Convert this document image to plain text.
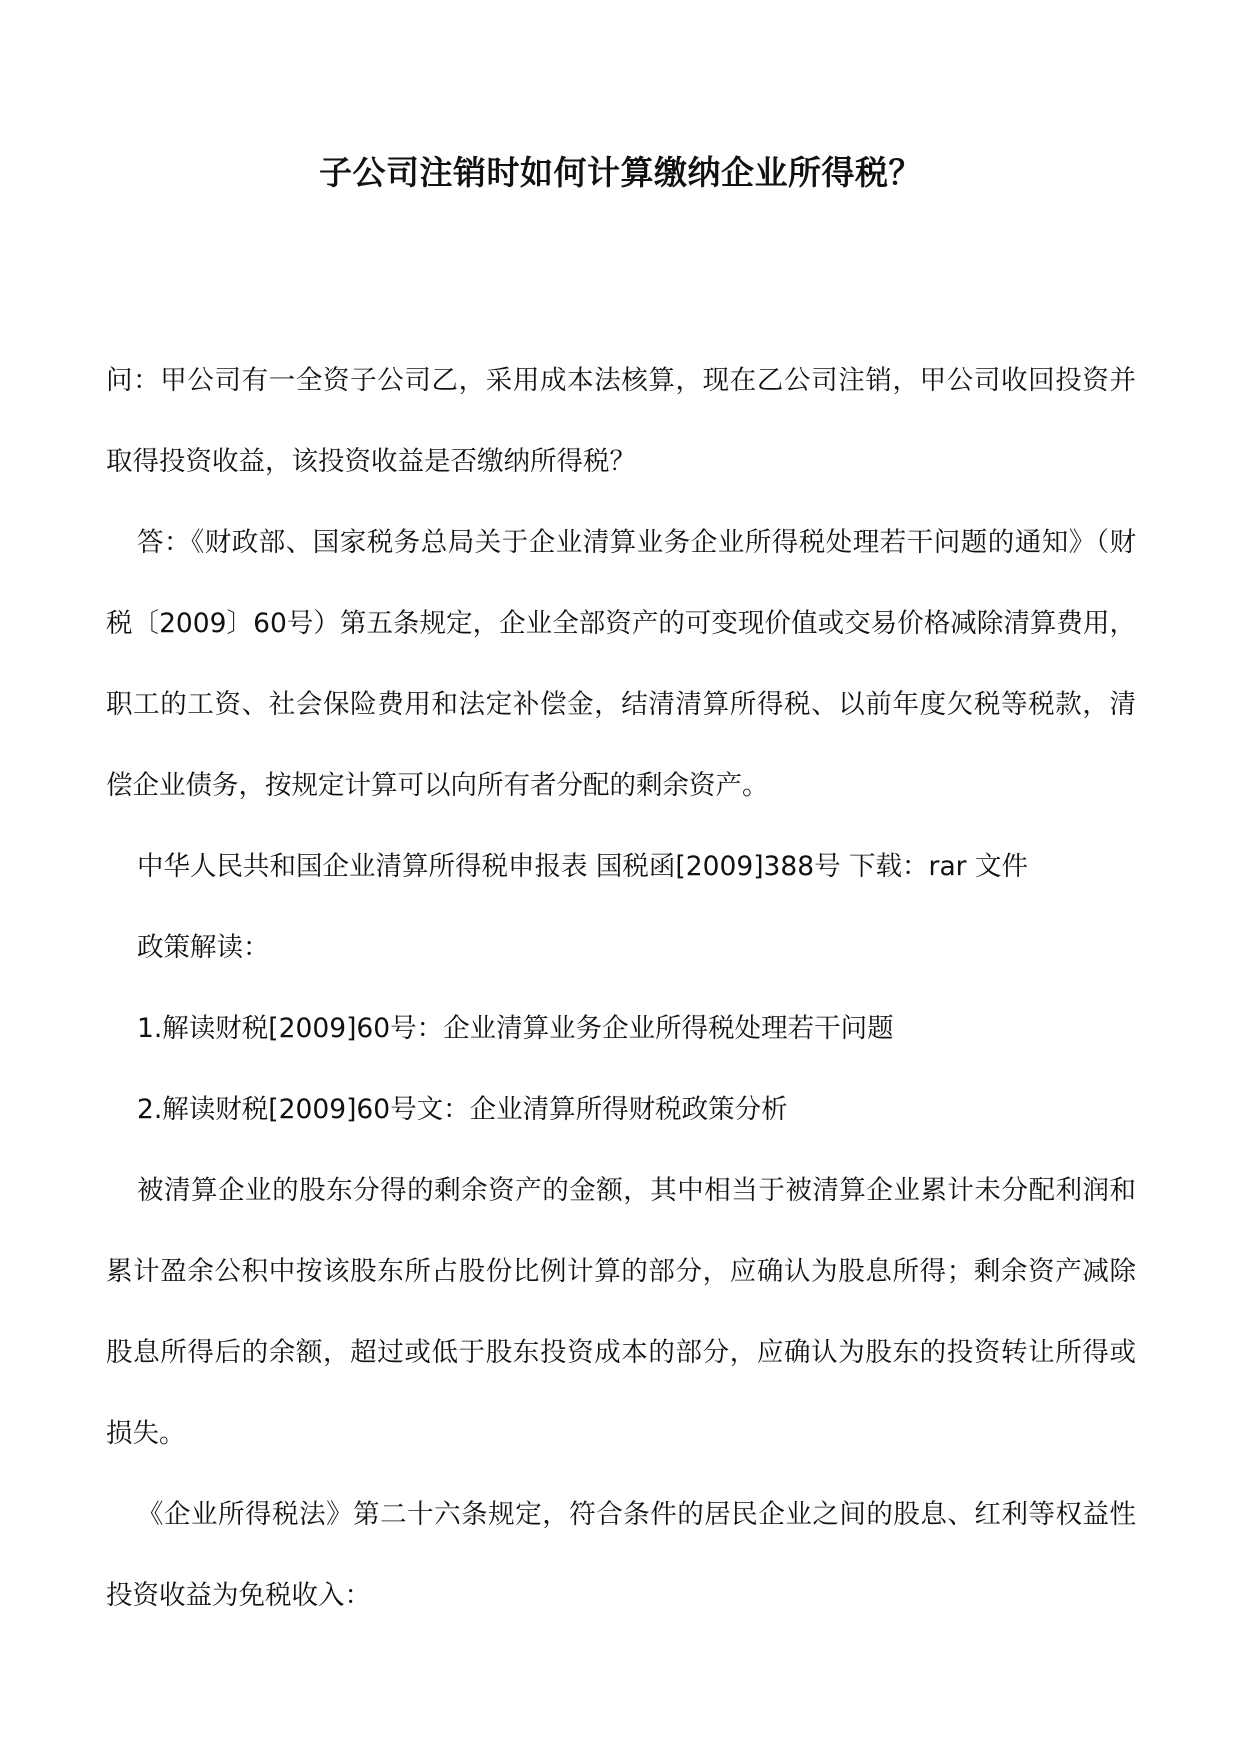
子公司注销时如何计算缴纳企业所得税？

问：甲公司有一全资子公司乙，采用成本法核算，现在乙公司注销，甲公司收回投资并取得投资收益，该投资收益是否缴纳所得税？

答：《财政部、国家税务总局关于企业清算业务企业所得税处理若干问题的通知》（财税〔2009〕60号）第五条规定，企业全部资产的可变现价值或交易价格减除清算费用，职工的工资、社会保险费用和法定补偿金，结清清算所得税、以前年度欠税等税款，清偿企业债务，按规定计算可以向所有者分配的剩余资产。

中华人民共和国企业清算所得税申报表 国税函[2009]388号 下载：rar 文件

政策解读：

1.解读财税[2009]60号：企业清算业务企业所得税处理若干问题

2.解读财税[2009]60号文：企业清算所得财税政策分析

被清算企业的股东分得的剩余资产的金额，其中相当于被清算企业累计未分配利润和累计盈余公积中按该股东所占股份比例计算的部分，应确认为股息所得；剩余资产减除股息所得后的余额，超过或低于股东投资成本的部分，应确认为股东的投资转让所得或损失。

《企业所得税法》第二十六条规定，符合条件的居民企业之间的股息、红利等权益性投资收益为免税收入：
